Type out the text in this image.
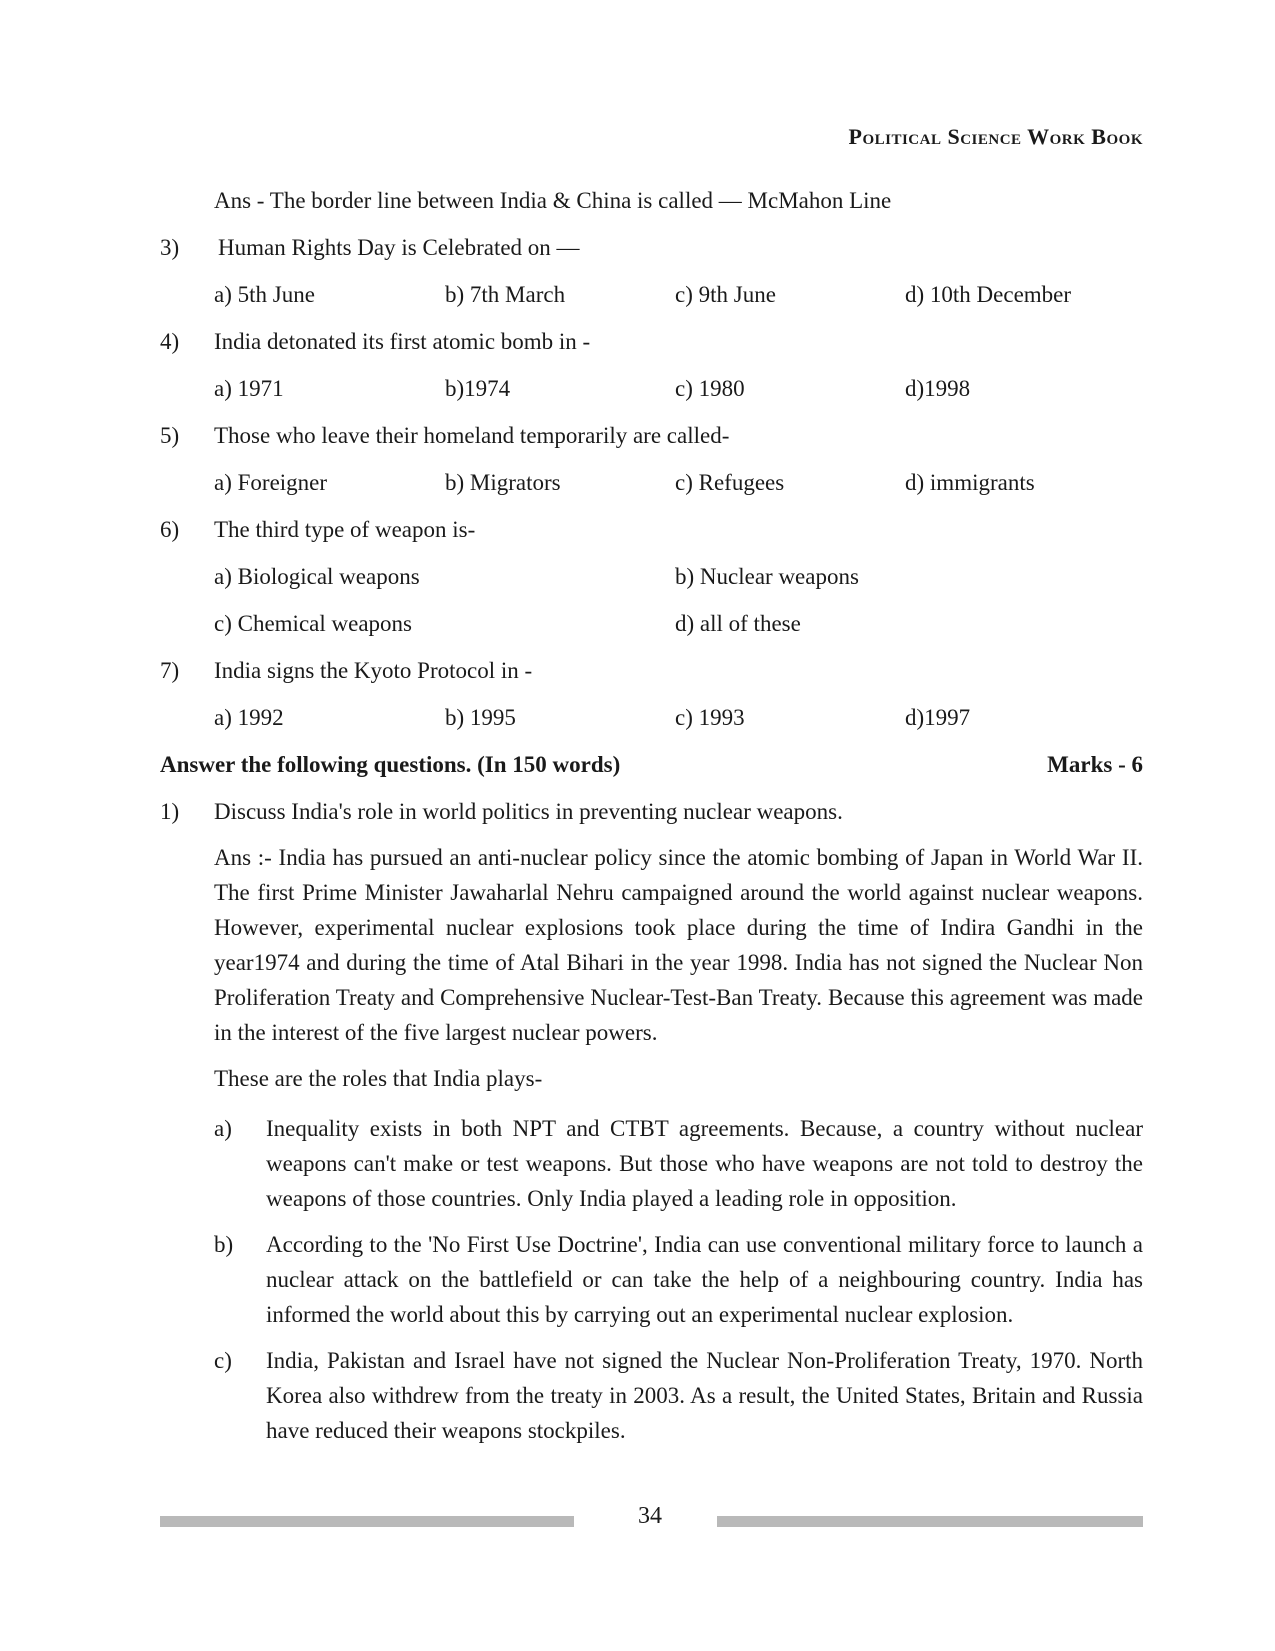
Political Science Work Book
Ans - The border line between India & China is called — McMahon Line
3) Human Rights Day is Celebrated on —
a) 5th June	b) 7th March	c) 9th June	d) 10th December
4) India detonated its first atomic bomb in -
a) 1971	b)1974	c) 1980	d)1998
5) Those who leave their homeland temporarily are called-
a) Foreigner	b) Migrators	c) Refugees	d) immigrants
6) The third type of weapon is-
a) Biological weapons	b) Nuclear weapons
c) Chemical weapons	d) all of these
7) India signs the Kyoto Protocol in -
a) 1992	b) 1995	c) 1993	d)1997
Answer the following questions. (In 150 words)	Marks - 6
1) Discuss India's role in world politics in preventing nuclear weapons.
Ans :- India has pursued an anti-nuclear policy since the atomic bombing of Japan in World War II. The first Prime Minister Jawaharlal Nehru campaigned around the world against nuclear weapons. However, experimental nuclear explosions took place during the time of Indira Gandhi in the year1974 and during the time of Atal Bihari in the year 1998. India has not signed the Nuclear Non Proliferation Treaty and Comprehensive Nuclear-Test-Ban Treaty. Because this agreement was made in the interest of the five largest nuclear powers.
These are the roles that India plays-
a) Inequality exists in both NPT and CTBT agreements. Because, a country without nuclear weapons can't make or test weapons. But those who have weapons are not told to destroy the weapons of those countries. Only India played a leading role in opposition.
b) According to the 'No First Use Doctrine', India can use conventional military force to launch a nuclear attack on the battlefield or can take the help of a neighbouring country. India has informed the world about this by carrying out an experimental nuclear explosion.
c) India, Pakistan and Israel have not signed the Nuclear Non-Proliferation Treaty, 1970. North Korea also withdrew from the treaty in 2003. As a result, the United States, Britain and Russia have reduced their weapons stockpiles.
34
